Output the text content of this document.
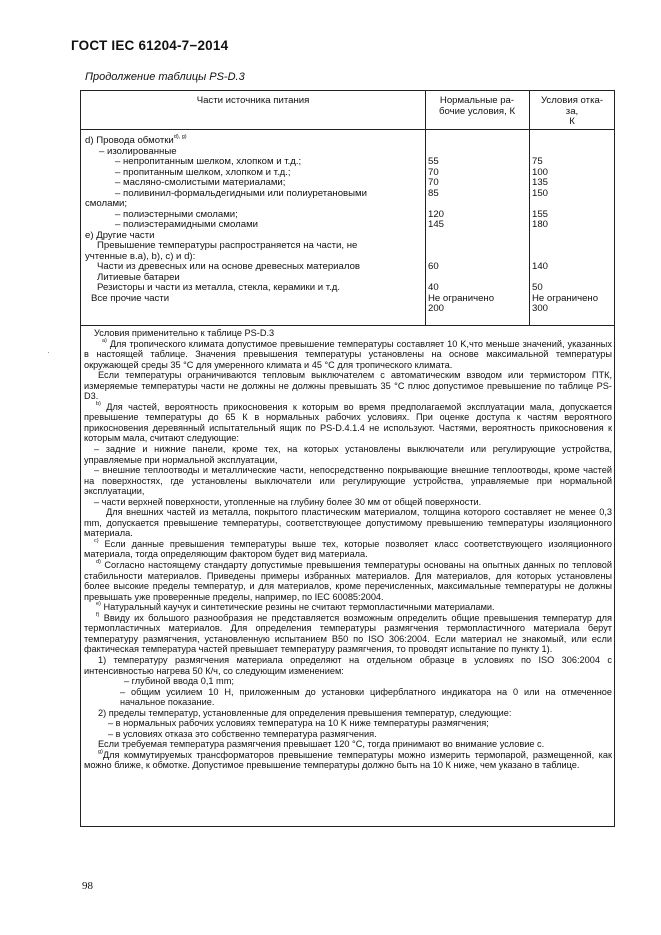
ГОСТ IEC 61204-7−2014
Продолжение таблицы PS-D.3
Части источника питания	Нормальные ра-
бочие условия, К
Условия отка-
за,
К
d) Провода обмотки$^{d), g)}$
– изолированные
– непропитанным шелком, хлопком и т.д.;
– пропитанным шелком, хлопком и т.д.;
– масляно-смолистыми материалами;
– поливинил-формальдегидными или полиуретановыми
смолами;
– полиэстерными смолами;
– полиэстерамидными смолами
е) Другие части
Превышение температуры распространяется на части, не
учтенные в.а), b), c) и d):
Части из древесных или на основе древесных материалов
Литиевые батареи
Резисторы и части из металла, стекла, керамики и т.д.
Все прочие части

55
70
70
85

120
145

60

40
Не ограничено
200

75
100
135
150

155
180

140

50
Не ограничено
300

Условия применительно к таблице PS-D.3

$^{a)}$ Для тропического климата допустимое превышение температуры составляет 10 K,что меньше значений, указанных в настоящей таблице. Значения превышения температуры установлены на основе максимальной температуры окружающей среды 35 °С для умеренного климата и 45 °С для тропического климата.

Если температуры ограничиваются тепловым выключателем с автоматическим взводом или термистором ПТК, измеряемые температуры части не должны не должны превышать 35 °С плюс допустимое превышение по таблице PS-D3.

$^{b)}$ Для частей, вероятность прикосновения к которым во время предполагаемой эксплуатации мала, допускается превышение температуры до 65 К в нормальных рабочих условиях. При оценке доступа к частям вероятного прикосновения деревянный испытательный ящик по PS-D.4.1.4 не используют. Частями, вероятность прикосновения к которым мала, считают следующие:

– задние и нижние панели, кроме тех, на которых установлены выключатели или регулирующие устройства, управляемые при нормальной эксплуатации,

– внешние теплоотводы и металлические части, непосредственно покрывающие внешние теплоотводы, кроме частей на поверхностях, где установлены выключатели или регулирующие устройства, управляемые при нормальной эксплуатации,

– части верхней поверхности, утопленные на глубину более 30 мм от общей поверхности.

Для внешних частей из металла, покрытого пластическим материалом, толщина которого составляет не менее 0,3 mm, допускается превышение температуры, соответствующее допустимому превышению температуры изоляционного материала.

$^{c)}$ Если данные превышения температуры выше тех, которые позволяет класс соответствующего изоляционного материала, тогда определяющим фактором будет вид материала.

$^{d)}$ Согласно настоящему стандарту допустимые превышения температуры основаны на опытных данных по тепловой стабильности материалов. Приведены примеры избранных материалов. Для материалов, для которых установлены более высокие пределы температур, и для материалов, кроме перечисленных, максимальные температуры не должны превышать уже проверенные пределы, например, по IEC 60085:2004.

$^{e)}$ Натуральный каучук и синтетические резины не считают термопластичными материалами.

$^{f)}$ Ввиду их большого разнообразия не представляется возможным определить общие превышения температур для термопластичных материалов. Для определения температуры размягчения термопластичного материала берут температуру размягчения, установленную испытанием B50 по ISO 306:2004. Если материал не знакомый, или если фактическая температура частей превышает температуру размягчения, то проводят испытание по пункту 1).

1) температуру размягчения материала определяют на отдельном образце в условиях по ISO 306:2004 с интенсивностью нагрева 50 К/ч, со следующим изменением:

– глубиной ввода 0,1 mm;

– общим усилием 10 Н, приложенным до установки циферблатного индикатора на 0 или на отмеченное начальное показание.

2) пределы температур, установленные для определения превышения температур, следующие:

– в нормальных рабочих условиях температура на 10 K ниже температуры размягчения;

– в условиях отказа это собственно температура размягчения.

Если требуемая температура размягчения превышает 120 °С, тогда принимают во внимание условие с.

$^{g)}$Для коммутируемых трансформаторов превышение температуры можно измерить термопарой, размещенной, как можно ближе, к обмотке. Допустимое превышение температуры должно быть на 10 К ниже, чем указано в таблице.

·
98
